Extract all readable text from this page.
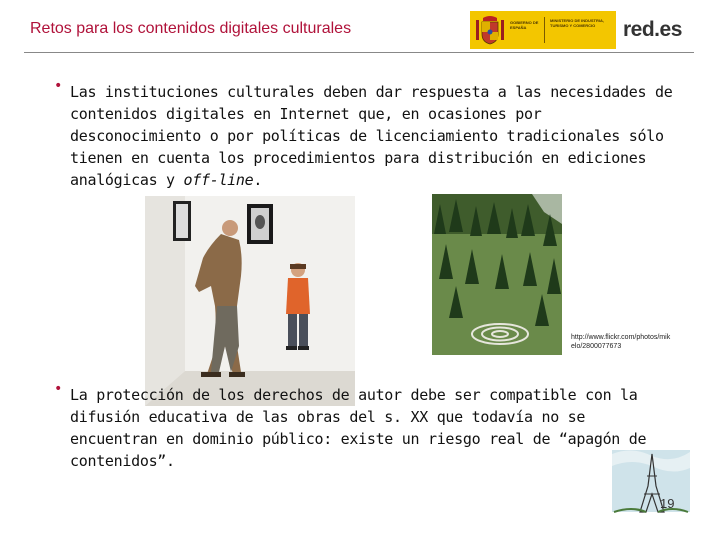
Retos para los contenidos digitales culturales	GOBIERNO DE ESPAÑA
MINISTERIO DE INDUSTRIA, TURISMO Y COMERCIO	red.es
• Las instituciones culturales deben dar respuesta a las necesidades de contenidos digitales en Internet que, en ocasiones por desconocimiento o por políticas de licenciamiento tradicionales sólo tienen en cuenta los procedimientos para distribución en ediciones analógicas y off-line.
http://www.flickr.com/photos/mikelo/2800077673
• La protección de los derechos de autor debe ser compatible con la difusión educativa de las obras del s. XX que todavía no se encuentran en dominio público: existe un riesgo real de “apagón de contenidos”.
19
